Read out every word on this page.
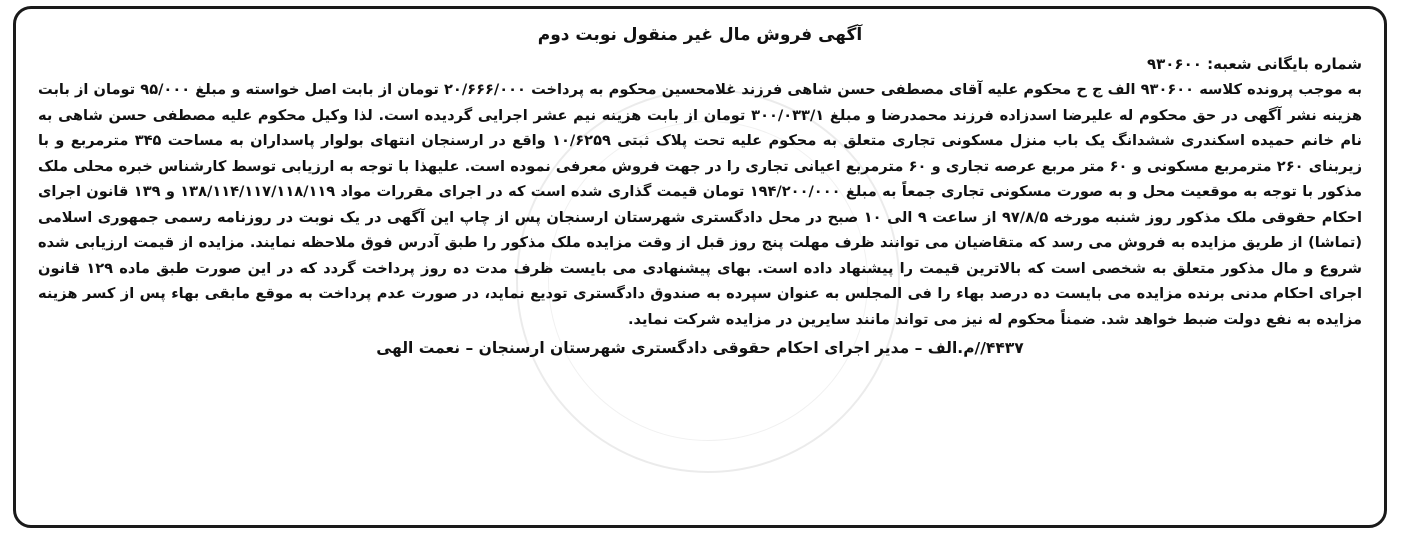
آگهی فروش مال غیر منقول نوبت دوم
شماره بایگانی شعبه: ۹۳۰۶۰۰

به موجب پرونده کلاسه ۹۳۰۶۰۰ الف ج ح محکوم علیه آقای مصطفی حسن شاهی فرزند غلامحسین محکوم به پرداخت ۲۰/۶۶۶/۰۰۰ تومان از بابت اصل خواسته و مبلغ ۹۵/۰۰۰ تومان از بابت هزینه نشر آگهی در حق محکوم له علیرضا اسدزاده فرزند محمدرضا و مبلغ ۳۰۰/۰۳۳/۱ تومان از بابت هزینه نیم عشر اجرایی گردیده است. لذا وکیل محکوم علیه مصطفی حسن شاهی به نام خانم حمیده اسکندری ششدانگ یک باب منزل مسکونی تجاری متعلق به محکوم علیه تحت پلاک ثبتی ۱۰/۶۲۵۹ واقع در ارسنجان انتهای بولوار پاسداران به مساحت ۳۴۵ مترمربع و با زیربنای ۲۶۰ مترمربع مسکونی و ۶۰ متر مربع عرصه تجاری و ۶۰ مترمربع اعیانی تجاری را در جهت فروش معرفی نموده است. علیهذا با توجه به ارزیابی توسط کارشناس خبره محلی ملک مذکور با توجه به موقعیت محل و به صورت مسکونی تجاری جمعاً به مبلغ ۱۹۴/۲۰۰/۰۰۰ تومان قیمت گذاری شده است که در اجرای مقررات مواد ۱۳۸/۱۱۴/۱۱۷/۱۱۸/۱۱۹ و ۱۳۹ قانون اجرای احکام حقوقی ملک مذکور روز شنبه مورخه ۹۷/۸/۵ از ساعت ۹ الی ۱۰ صبح در محل دادگستری شهرستان ارسنجان پس از چاپ این آگهی در یک نوبت در روزنامه رسمی جمهوری اسلامی (تماشا) از طریق مزایده به فروش می رسد که متقاضیان می توانند ظرف مهلت پنج روز قبل از وقت مزایده ملک مذکور را طبق آدرس فوق ملاحظه نمایند. مزایده از قیمت ارزیابی شده شروع و مال مذکور متعلق به شخصی است که بالاترین قیمت را پیشنهاد داده است. بهای پیشنهادی می بایست ظرف مدت ده روز پرداخت گردد که در این صورت طبق ماده ۱۲۹ قانون اجرای احکام مدنی برنده مزایده می بایست ده درصد بهاء را فی المجلس به عنوان سپرده به صندوق دادگستری تودیع نماید، در صورت عدم پرداخت به موقع مابقی بهاء پس از کسر هزینه مزایده به نفع دولت ضبط خواهد شد. ضمناً محکوم له نیز می تواند مانند سایرین در مزایده شرکت نماید.

۴۴۳۷//م.الف – مدیر اجرای احکام حقوقی دادگستری شهرستان ارسنجان – نعمت الهی
